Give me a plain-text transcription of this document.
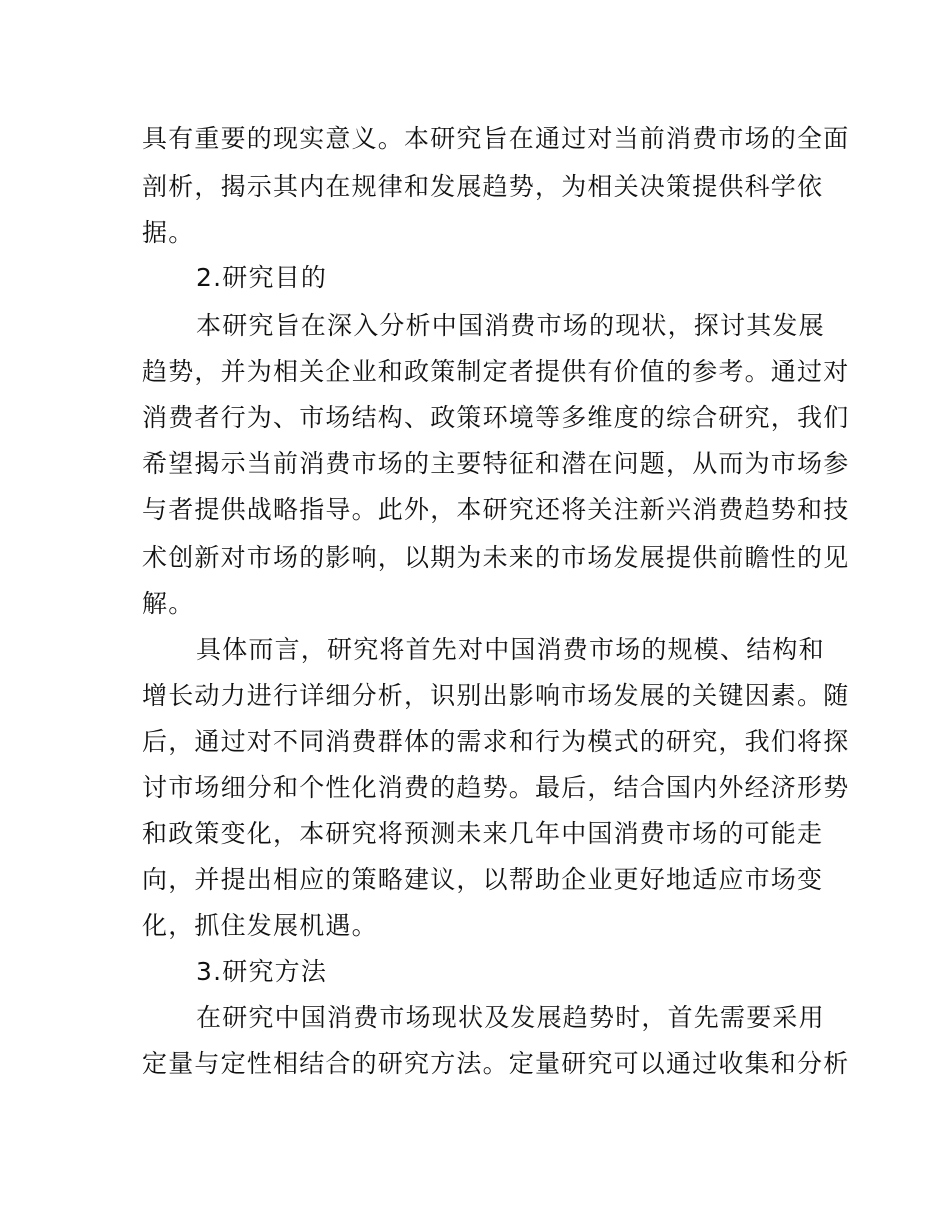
具有重要的现实意义。本研究旨在通过对当前消费市场的全面
剖析，揭示其内在规律和发展趋势，为相关决策提供科学依
据。
2.研究目的
本研究旨在深入分析中国消费市场的现状，探讨其发展
趋势，并为相关企业和政策制定者提供有价值的参考。通过对
消费者行为、市场结构、政策环境等多维度的综合研究，我们
希望揭示当前消费市场的主要特征和潜在问题，从而为市场参
与者提供战略指导。此外，本研究还将关注新兴消费趋势和技
术创新对市场的影响，以期为未来的市场发展提供前瞻性的见
解。
具体而言，研究将首先对中国消费市场的规模、结构和
增长动力进行详细分析，识别出影响市场发展的关键因素。随
后，通过对不同消费群体的需求和行为模式的研究，我们将探
讨市场细分和个性化消费的趋势。最后，结合国内外经济形势
和政策变化，本研究将预测未来几年中国消费市场的可能走
向，并提出相应的策略建议，以帮助企业更好地适应市场变
化，抓住发展机遇。
3.研究方法
在研究中国消费市场现状及发展趋势时，首先需要采用
定量与定性相结合的研究方法。定量研究可以通过收集和分析
